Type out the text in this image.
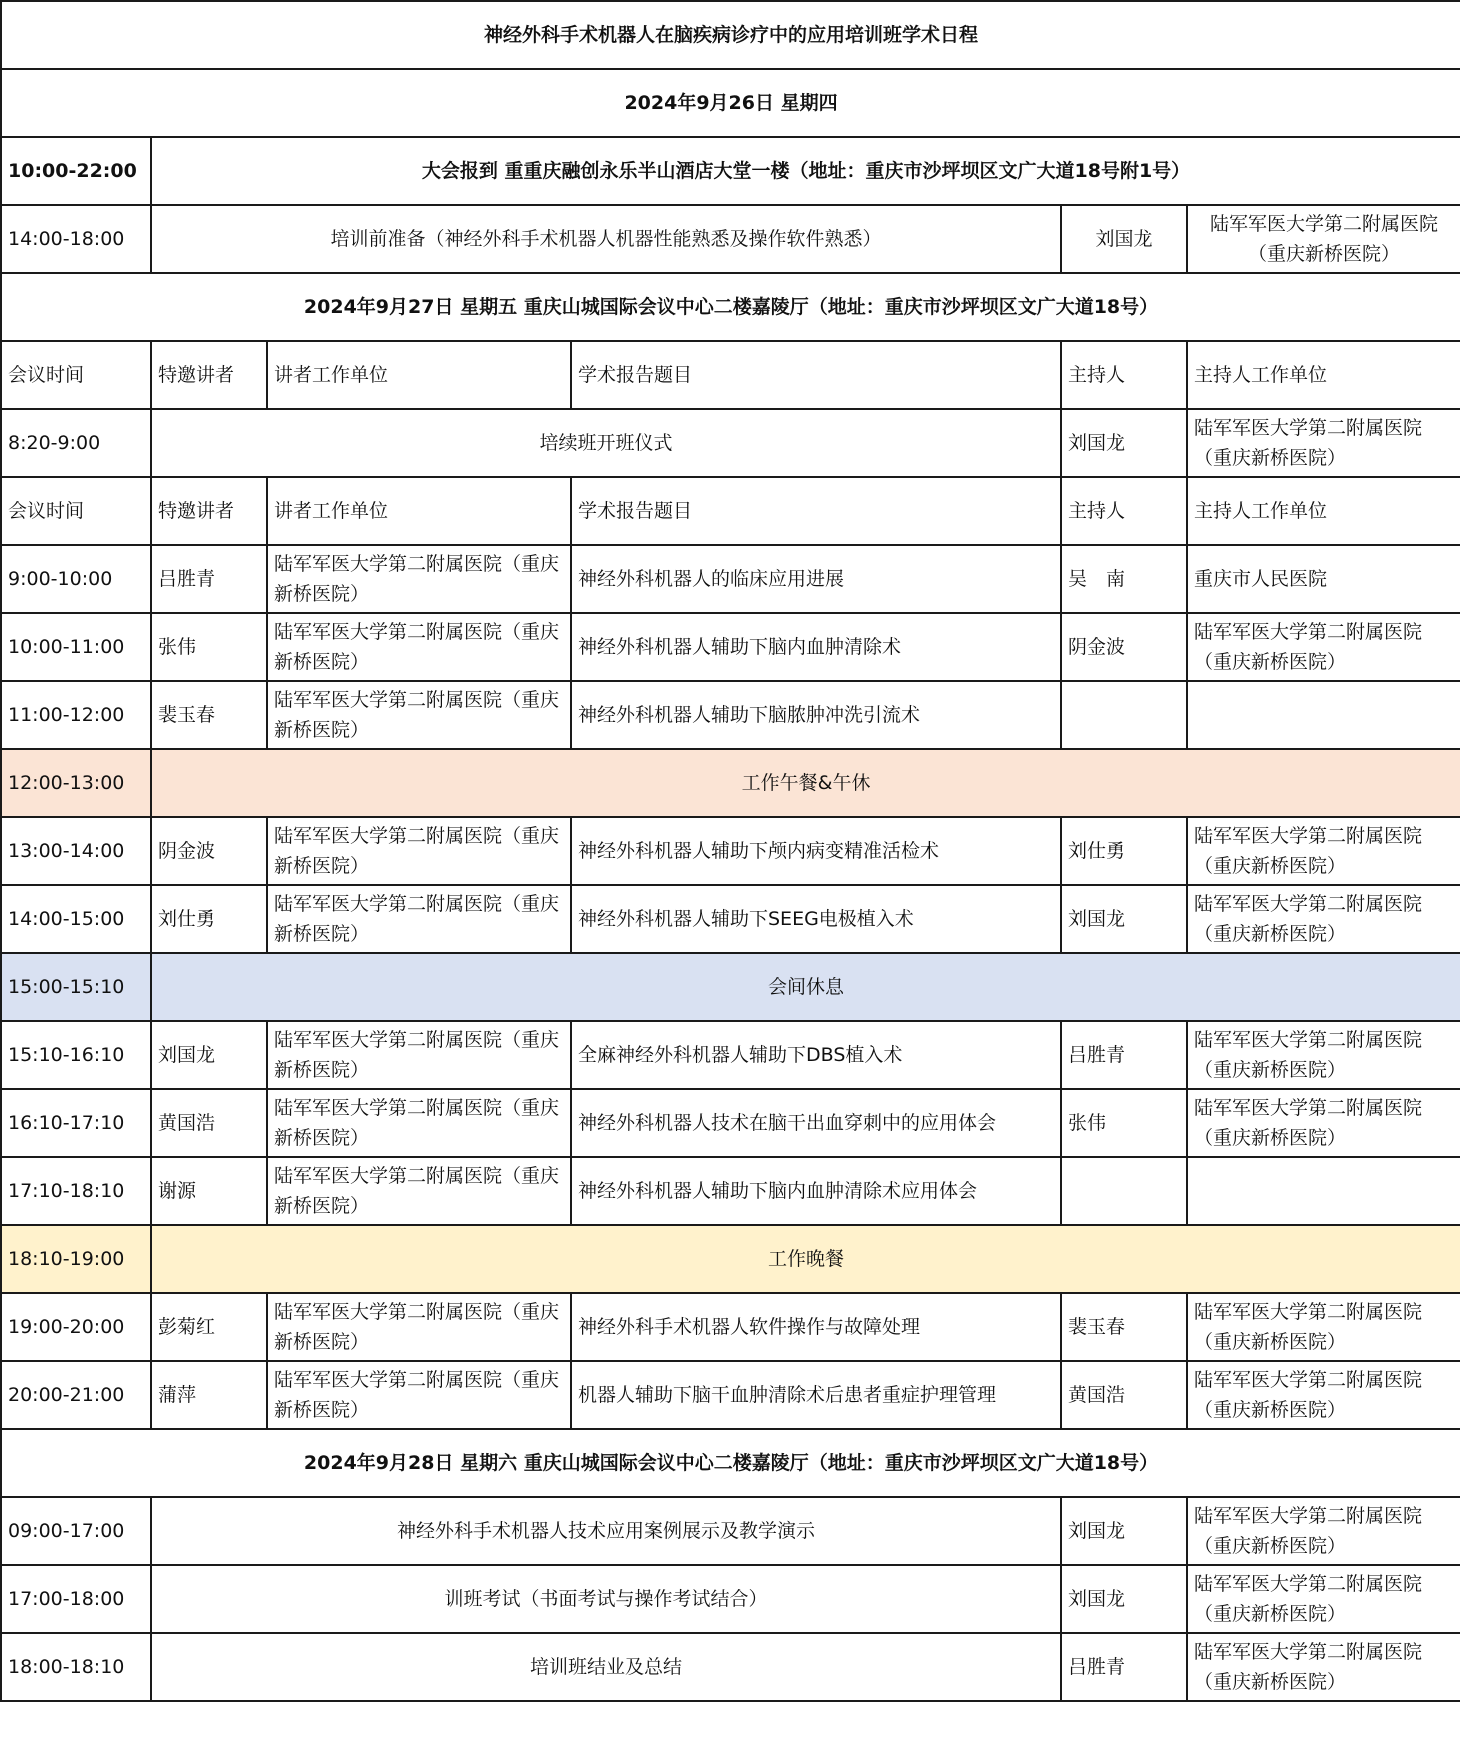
神经外科手术机器人在脑疾病诊疗中的应用培训班学术日程					
2024年9月26日 星期四					
10:00-22:00	大会报到 重重庆融创永乐半山酒店大堂一楼（地址：重庆市沙坪坝区文广大道18号附1号）				
14:00-18:00	培训前准备（神经外科手术机器人机器性能熟悉及操作软件熟悉）			刘国龙	陆军军医大学第二附属医院（重庆新桥医院）
2024年9月27日 星期五 重庆山城国际会议中心二楼嘉陵厅（地址：重庆市沙坪坝区文广大道18号）					
会议时间	特邀讲者	讲者工作单位	学术报告题目	主持人	主持人工作单位
8:20-9:00	培续班开班仪式			刘国龙	陆军军医大学第二附属医院（重庆新桥医院）
会议时间	特邀讲者	讲者工作单位	学术报告题目	主持人	主持人工作单位
9:00-10:00	吕胜青	陆军军医大学第二附属医院（重庆新桥医院）	神经外科机器人的临床应用进展	吴　南	重庆市人民医院
10:00-11:00	张伟	陆军军医大学第二附属医院（重庆新桥医院）	神经外科机器人辅助下脑内血肿清除术	阴金波	陆军军医大学第二附属医院（重庆新桥医院）
11:00-12:00	裴玉春	陆军军医大学第二附属医院（重庆新桥医院）	神经外科机器人辅助下脑脓肿冲洗引流术		
12:00-13:00	工作午餐&午休				
13:00-14:00	阴金波	陆军军医大学第二附属医院（重庆新桥医院）	神经外科机器人辅助下颅内病变精准活检术	刘仕勇	陆军军医大学第二附属医院（重庆新桥医院）
14:00-15:00	刘仕勇	陆军军医大学第二附属医院（重庆新桥医院）	神经外科机器人辅助下SEEG电极植入术	刘国龙	陆军军医大学第二附属医院（重庆新桥医院）
15:00-15:10	会间休息				
15:10-16:10	刘国龙	陆军军医大学第二附属医院（重庆新桥医院）	全麻神经外科机器人辅助下DBS植入术	吕胜青	陆军军医大学第二附属医院（重庆新桥医院）
16:10-17:10	黄国浩	陆军军医大学第二附属医院（重庆新桥医院）	神经外科机器人技术在脑干出血穿刺中的应用体会	张伟	陆军军医大学第二附属医院（重庆新桥医院）
17:10-18:10	谢源	陆军军医大学第二附属医院（重庆新桥医院）	神经外科机器人辅助下脑内血肿清除术应用体会		
18:10-19:00	工作晚餐				
19:00-20:00	彭菊红	陆军军医大学第二附属医院（重庆新桥医院）	神经外科手术机器人软件操作与故障处理	裴玉春	陆军军医大学第二附属医院（重庆新桥医院）
20:00-21:00	蒲萍	陆军军医大学第二附属医院（重庆新桥医院）	机器人辅助下脑干血肿清除术后患者重症护理管理	黄国浩	陆军军医大学第二附属医院（重庆新桥医院）
2024年9月28日 星期六 重庆山城国际会议中心二楼嘉陵厅（地址：重庆市沙坪坝区文广大道18号）					
09:00-17:00	神经外科手术机器人技术应用案例展示及教学演示			刘国龙	陆军军医大学第二附属医院（重庆新桥医院）
17:00-18:00	训班考试（书面考试与操作考试结合）			刘国龙	陆军军医大学第二附属医院（重庆新桥医院）
18:00-18:10	培训班结业及总结			吕胜青	陆军军医大学第二附属医院（重庆新桥医院）
